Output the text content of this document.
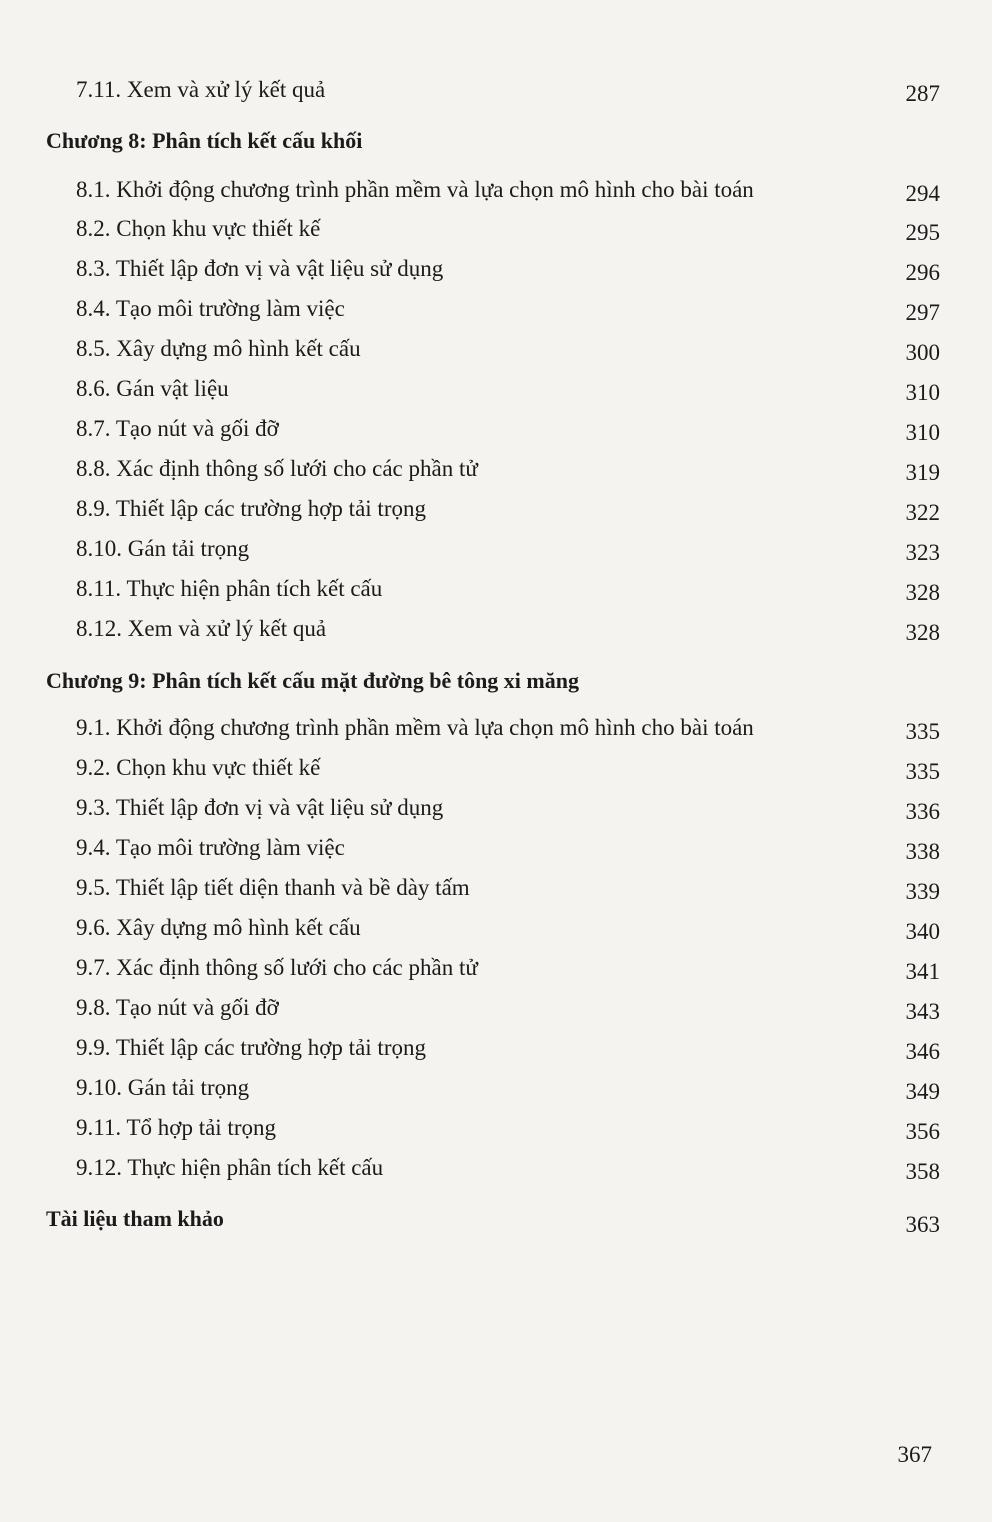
7.11. Xem và xử lý kết quả	287
Chương 8: Phân tích kết cấu khối
8.1. Khởi động chương trình phần mềm và lựa chọn mô hình cho bài toán	294
8.2. Chọn khu vực thiết kế	295
8.3. Thiết lập đơn vị và vật liệu sử dụng	296
8.4. Tạo môi trường làm việc	297
8.5. Xây dựng mô hình kết cấu	300
8.6. Gán vật liệu	310
8.7. Tạo nút và gối đỡ	310
8.8. Xác định thông số lưới cho các phần tử	319
8.9. Thiết lập các trường hợp tải trọng	322
8.10. Gán tải trọng	323
8.11. Thực hiện phân tích kết cấu	328
8.12. Xem và xử lý kết quả	328
Chương 9: Phân tích kết cấu mặt đường bê tông xi măng
9.1. Khởi động chương trình phần mềm và lựa chọn mô hình cho bài toán	335
9.2. Chọn khu vực thiết kế	335
9.3. Thiết lập đơn vị và vật liệu sử dụng	336
9.4. Tạo môi trường làm việc	338
9.5. Thiết lập tiết diện thanh và bề dày tấm	339
9.6. Xây dựng mô hình kết cấu	340
9.7. Xác định thông số lưới cho các phần tử	341
9.8. Tạo nút và gối đỡ	343
9.9. Thiết lập các trường hợp tải trọng	346
9.10. Gán tải trọng	349
9.11. Tổ hợp tải trọng	356
9.12. Thực hiện phân tích kết cấu	358
Tài liệu tham khảo	363
367
